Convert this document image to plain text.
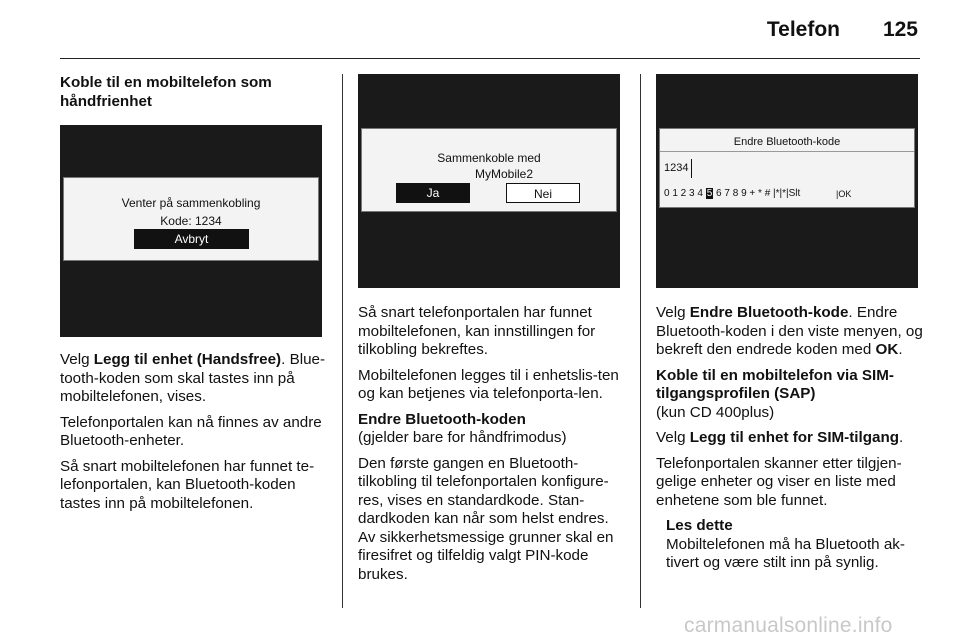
Telefon 125
Koble til en mobiltelefon som håndfrienhet
Venter på sammenkobling
Kode: 1234
Avbryt

Velg Legg til enhet (Handsfree). Blue-tooth-koden som skal tastes inn på mobiltelefonen, vises.

Telefonportalen kan nå finnes av andre Bluetooth-enheter.

Så snart mobiltelefonen har funnet te-lefonportalen, kan Bluetooth-koden tastes inn på mobiltelefonen.

Sammenkoble med
MyMobile2
Ja	Nei

Så snart telefonportalen har funnet mobiltelefonen, kan innstillingen for tilkobling bekreftes.

Mobiltelefonen legges til i enhetslis-ten og kan betjenes via telefonporta-len.

Endre Bluetooth-koden

(gjelder bare for håndfrimodus)

Den første gangen en Bluetooth-tilkobling til telefonportalen konfigure-res, vises en standardkode. Stan-dardkoden kan når som helst endres. Av sikkerhetsmessige grunner skal en firesifret og tilfeldig valgt PIN-kode brukes.

Endre Bluetooth-kode
1234
0 1 2 3 4 5 6 7 8 9 + * # |*|*|Slt	|OK

Velg Endre Bluetooth-kode. Endre Bluetooth-koden i den viste menyen, og bekreft den endrede koden med OK.

Koble til en mobiltelefon via SIM-tilgangsprofilen (SAP)

(kun CD 400plus)

Velg Legg til enhet for SIM-tilgang.

Telefonportalen skanner etter tilgjen-gelige enheter og viser en liste med enhetene som ble funnet.

Les dette
Mobiltelefonen må ha Bluetooth ak-tivert og være stilt inn på synlig.
carmanualsonline.info
